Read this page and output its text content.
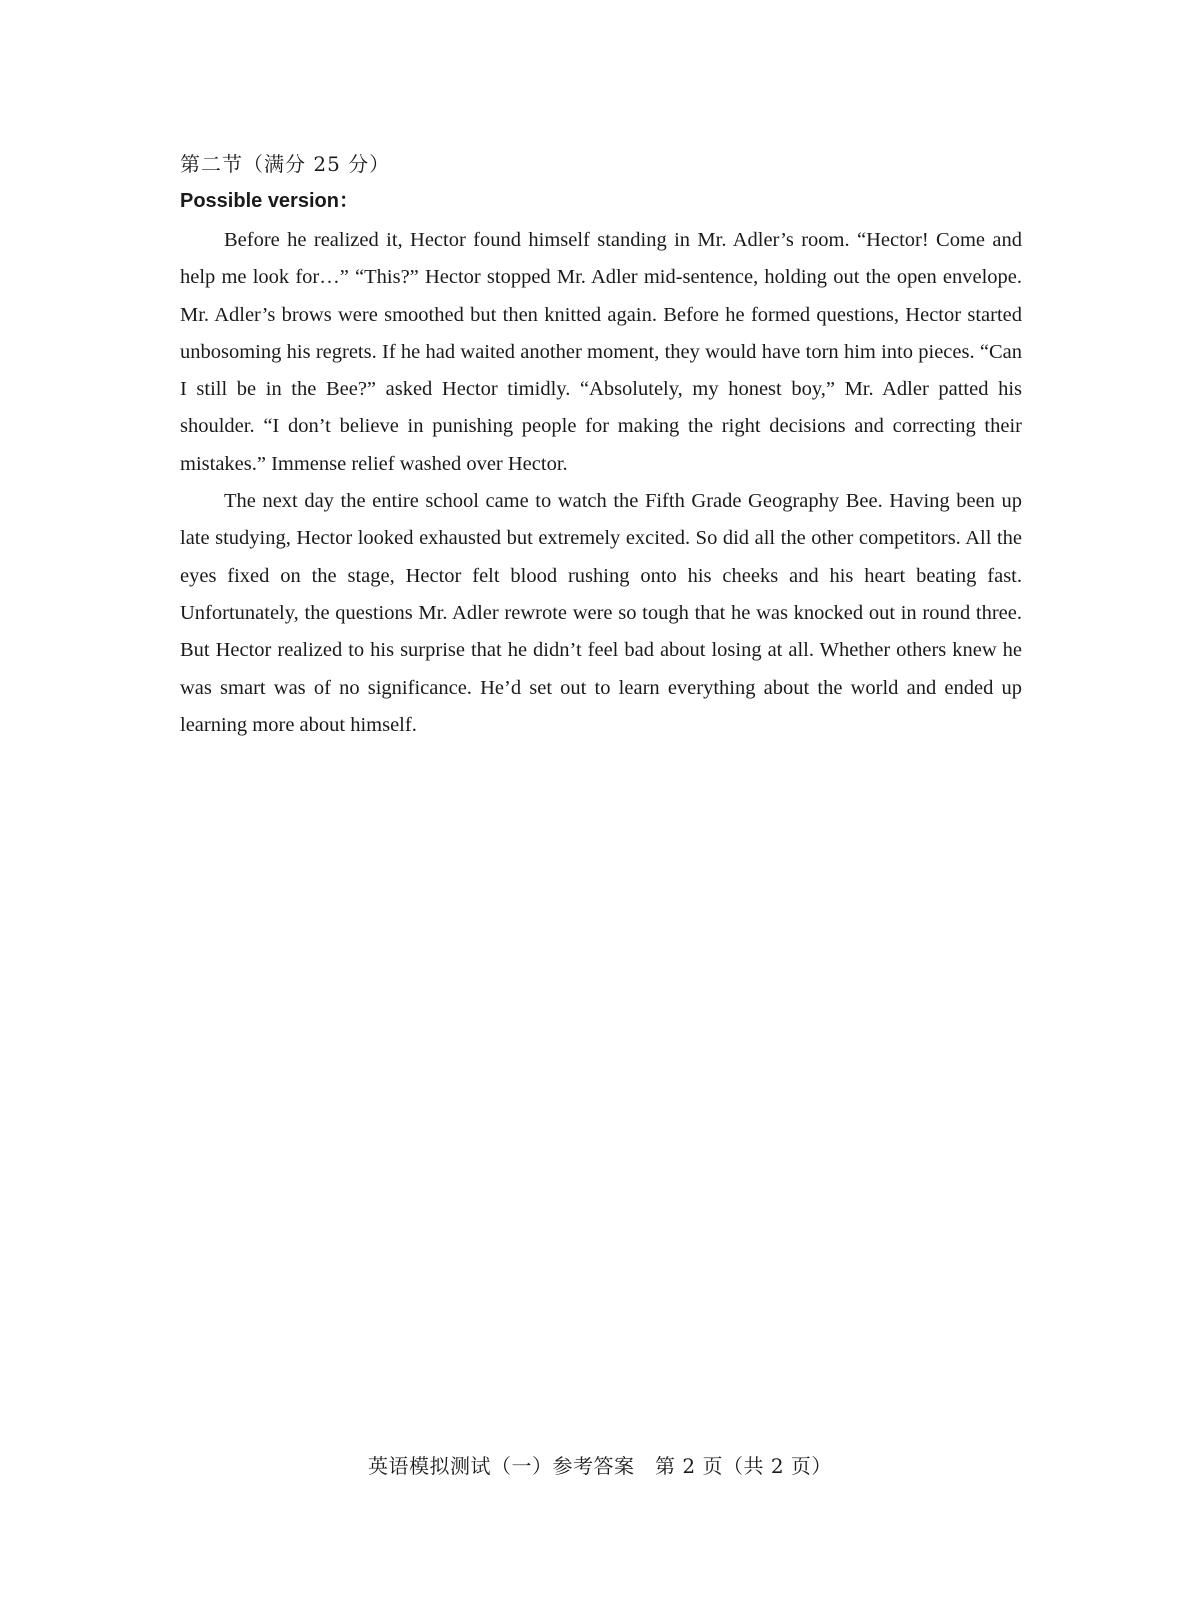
第二节（满分 25 分）
Possible version：

Before he realized it, Hector found himself standing in Mr. Adler’s room. “Hector! Come and help me look for…” “This?” Hector stopped Mr. Adler mid-sentence, holding out the open envelope. Mr. Adler’s brows were smoothed but then knitted again. Before he formed questions, Hector started unbosoming his regrets. If he had waited another moment, they would have torn him into pieces. “Can I still be in the Bee?” asked Hector timidly. “Absolutely, my honest boy,” Mr. Adler patted his shoulder. “I don’t believe in punishing people for making the right decisions and correcting their mistakes.” Immense relief washed over Hector.

The next day the entire school came to watch the Fifth Grade Geography Bee. Having been up late studying, Hector looked exhausted but extremely excited. So did all the other competitors. All the eyes fixed on the stage, Hector felt blood rushing onto his cheeks and his heart beating fast. Unfortunately, the questions Mr. Adler rewrote were so tough that he was knocked out in round three. But Hector realized to his surprise that he didn’t feel bad about losing at all. Whether others knew he was smart was of no significance. He’d set out to learn everything about the world and ended up learning more about himself.

英语模拟测试（一）参考答案　第 2 页（共 2 页）
